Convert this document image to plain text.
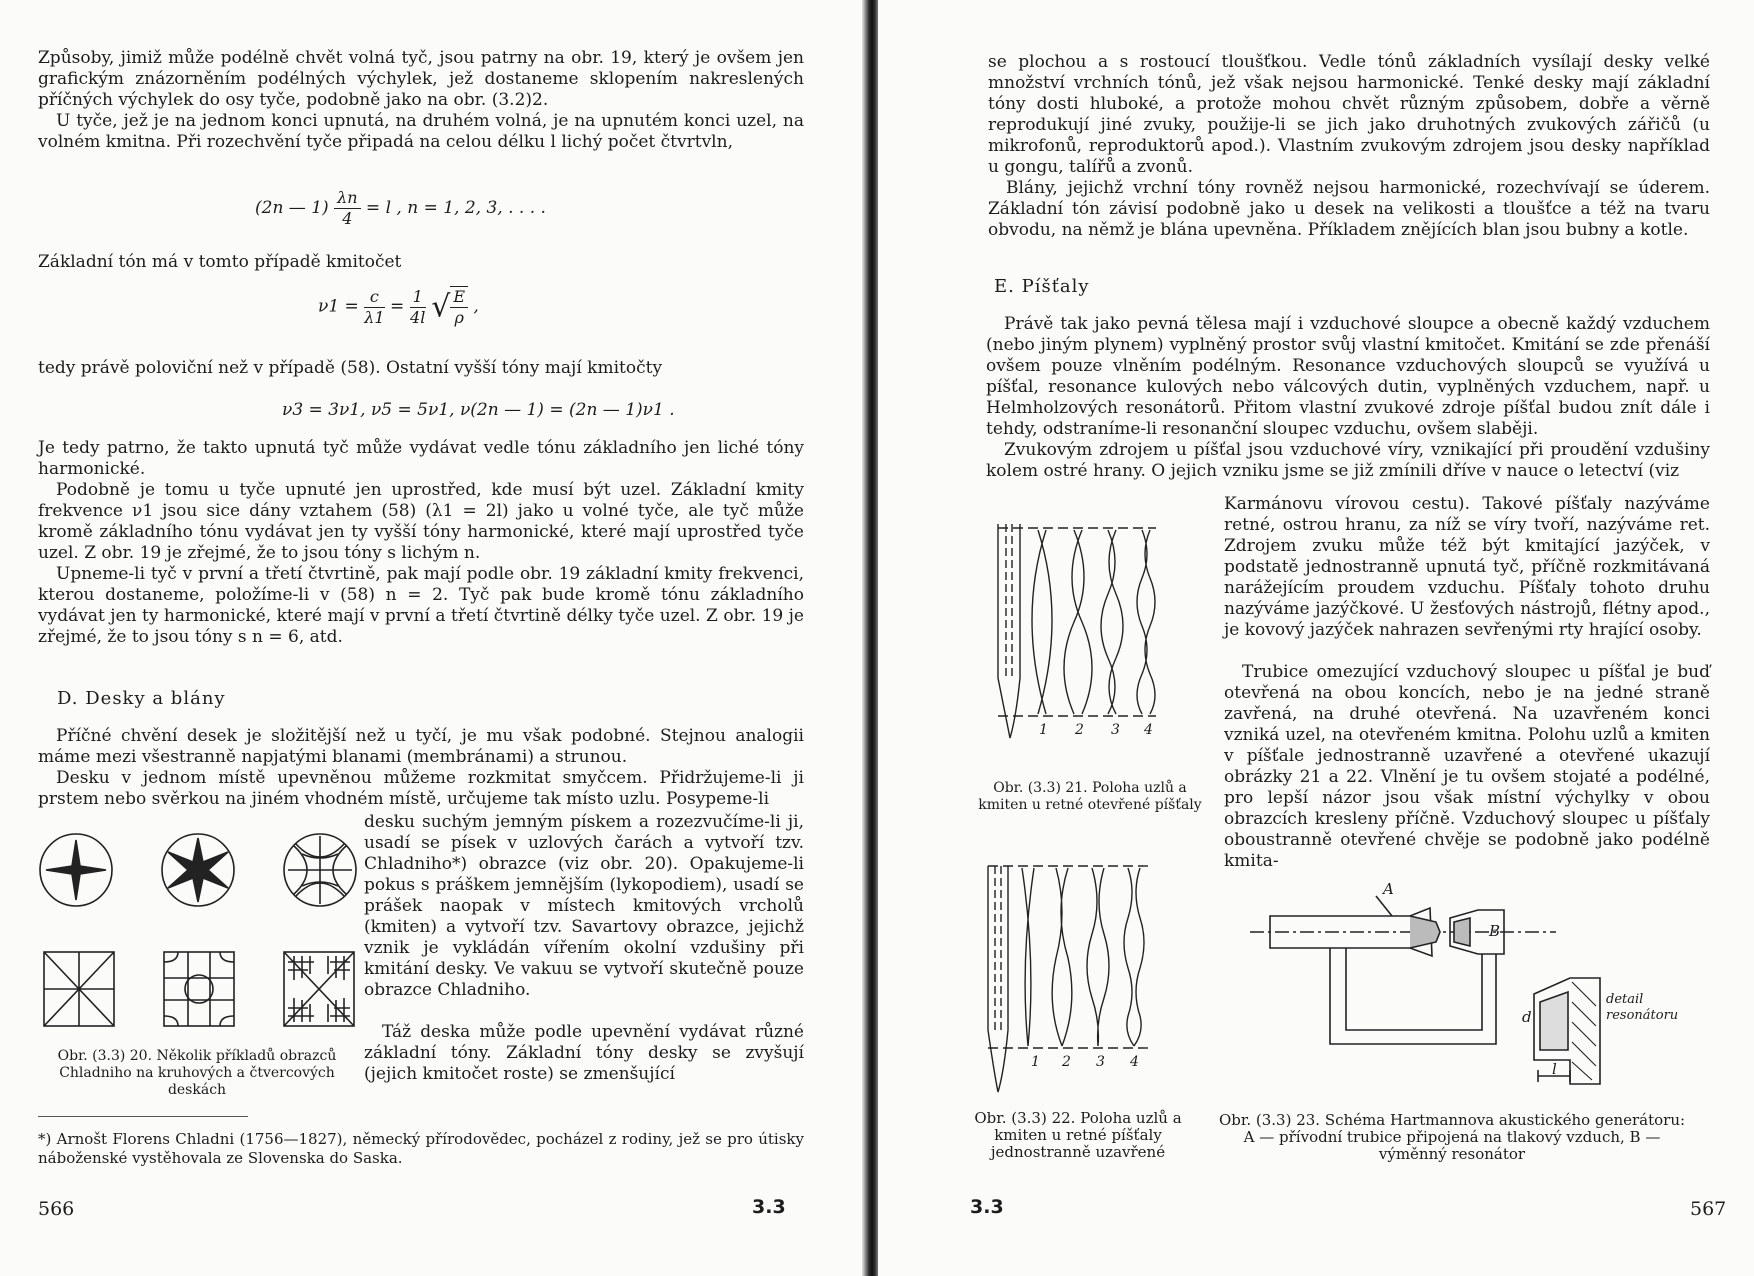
Způsoby, jimiž může podélně chvět volná tyč, jsou patrny na obr. 19, který je ovšem jen grafickým znázorněním podélných výchylek, jež dostaneme sklopením nakreslených příčných výchylek do osy tyče, podobně jako na obr. (3.2)2.

U tyče, jež je na jednom konci upnutá, na druhém volná, je na upnutém konci uzel, na volném kmitna. Při rozechvění tyče připadá na celou délku l lichý počet čtvrtvln,

(2n — $1) \frac{\lambda n}{4} = l$ , n = 1, 2, 3, . . . .

Základní tón má v tomto případě kmitočet

$\nu 1 = \frac{c}{\lambda 1} = \frac{1}{4l}$ √ $\frac{E}{\rho}$ ,

tedy právě poloviční než v případě (58). Ostatní vyšší tóny mají kmitočty

ν3 = 3ν1, ν5 = 5ν1, ν(2n — 1) = (2n — 1)ν1 .

Je tedy patrno, že takto upnutá tyč může vydávat vedle tónu základního jen liché tóny harmonické.

Podobně je tomu u tyče upnuté jen uprostřed, kde musí být uzel. Základní kmity frekvence ν1 jsou sice dány vztahem (58) (λ1 = 2l) jako u volné tyče, ale tyč může kromě základního tónu vydávat jen ty vyšší tóny harmonické, které mají uprostřed tyče uzel. Z obr. 19 je zřejmé, že to jsou tóny s lichým n.

Upneme-li tyč v první a třetí čtvrtině, pak mají podle obr. 19 základní kmity frekvenci, kterou dostaneme, položíme-li v (58) n = 2. Tyč pak bude kromě tónu základního vydávat jen ty harmonické, které mají v první a třetí čtvrtině délky tyče uzel. Z obr. 19 je zřejmé, že to jsou tóny s n = 6, atd.

D. Desky a blány

Příčné chvění desek je složitější než u tyčí, je mu však podobné. Stejnou analogii máme mezi všestranně napjatými blanami (membránami) a strunou.

Desku v jednom místě upevněnou můžeme rozkmitat smyčcem. Přidržujeme-li ji prstem nebo svěrkou na jiném vhodném místě, určujeme tak místo uzlu. Posypeme-li

desku suchým jemným pískem a rozezvučíme-li ji, usadí se písek v uzlových čarách a vytvoří tzv. Chladniho*) obrazce (viz obr. 20). Opakujeme-li pokus s práškem jemnějším (lykopodiem), usadí se prášek naopak v místech kmitových vrcholů (kmiten) a vytvoří tzv. Savartovy obrazce, jejichž vznik je vykládán vířením okolní vzdušiny při kmitání desky. Ve vakuu se vytvoří skutečně pouze obrazce Chladniho.

Táž deska může podle upevnění vydávat různé základní tóny. Základní tóny desky se zvyšují (jejich kmitočet roste) se zmenšující

Obr. (3.3) 20. Několik příkladů obrazců Chladniho na kruhových a čtvercových deskách

*) Arnošt Florens Chladni (1756—1827), německý přírodovědec, pocházel z rodiny, jež se pro útisky náboženské vystěhovala ze Slovenska do Saska.

566	3.3

se plochou a s rostoucí tloušťkou. Vedle tónů základních vysílají desky velké množství vrchních tónů, jež však nejsou harmonické. Tenké desky mají základní tóny dosti hluboké, a protože mohou chvět různým způsobem, dobře a věrně reprodukují jiné zvuky, použije-li se jich jako druhotných zvukových zářičů (u mikrofonů, reproduktorů apod.). Vlastním zvukovým zdrojem jsou desky například u gongu, talířů a zvonů.

Blány, jejichž vrchní tóny rovněž nejsou harmonické, rozechvívají se úderem. Základní tón závisí podobně jako u desek na velikosti a tloušťce a též na tvaru obvodu, na němž je blána upevněna. Příkladem znějících blan jsou bubny a kotle.

E. Píšťaly

Právě tak jako pevná tělesa mají i vzduchové sloupce a obecně každý vzduchem (nebo jiným plynem) vyplněný prostor svůj vlastní kmitočet. Kmitání se zde přenáší ovšem pouze vlněním podélným. Resonance vzduchových sloupců se využívá u píšťal, resonance kulových nebo válcových dutin, vyplněných vzduchem, např. u Helmholzových resonátorů. Přitom vlastní zvukové zdroje píšťal budou znít dále i tehdy, odstraníme-li resonanční sloupec vzduchu, ovšem slaběji.

Zvukovým zdrojem u píšťal jsou vzduchové víry, vznikající při proudění vzdušiny kolem ostré hrany. O jejich vzniku jsme se již zmínili dříve v nauce o letectví (viz

1 2 3 4

Obr. (3.3) 21. Poloha uzlů a kmiten u retné otevřené píšťaly

Karmánovu vírovou cestu). Takové píšťaly nazýváme retné, ostrou hranu, za níž se víry tvoří, nazýváme ret. Zdrojem zvuku může též být kmitající jazýček, v podstatě jednostranně upnutá tyč, příčně rozkmitávaná narážejícím proudem vzduchu. Píšťaly tohoto druhu nazýváme jazýčkové. U žesťových nástrojů, flétny apod., je kovový jazýček nahrazen sevřenými rty hrající osoby.

Trubice omezující vzduchový sloupec u píšťal je buď otevřená na obou koncích, nebo je na jedné straně zavřená, na druhé otevřená. Na uzavřeném konci vzniká uzel, na otevřeném kmitna. Polohu uzlů a kmiten v píšťale jednostranně uzavřené a otevřené ukazují obrázky 21 a 22. Vlnění je tu ovšem stojaté a podélné, pro lepší názor jsou však místní výchylky v obou obrazcích kresleny příčně. Vzduchový sloupec u píšťaly oboustranně otevřené chvěje se podobně jako podélně kmita-

1 2 3 4

Obr. (3.3) 22. Poloha uzlů a kmiten u retné píšťaly jednostranně uzavřené

A
B
d
l
detail resonátoru

Obr. (3.3) 23. Schéma Hartmannova akustického generátoru: A — přívodní trubice připojená na tlakový vzduch, B — výměnný resonátor

3.3	567
